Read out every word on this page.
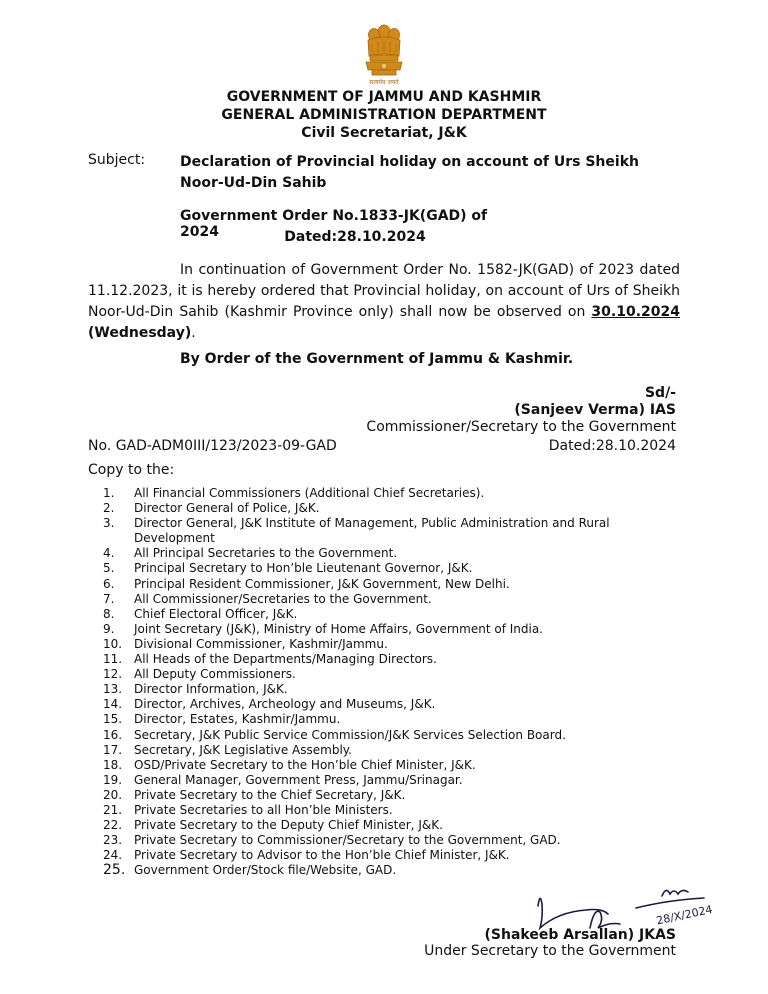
सत्यमेव जयते
GOVERNMENT OF JAMMU AND KASHMIR
GENERAL ADMINISTRATION DEPARTMENT
Civil Secretariat, J&K
Subject: Declaration of Provincial holiday on account of Urs Sheikh Noor-Ud-Din Sahib
Government Order No.1833-JK(GAD) of 2024	Dated:28.10.2024
In continuation of Government Order No. 1582-JK(GAD) of 2023 dated 11.12.2023, it is hereby ordered that Provincial holiday, on account of Urs of Sheikh Noor-Ud-Din Sahib (Kashmir Province only) shall now be observed on 30.10.2024 (Wednesday).
By Order of the Government of Jammu & Kashmir.
Sd/-
(Sanjeev Verma) IAS
Commissioner/Secretary to the Government
No. GAD-ADM0III/123/2023-09-GAD	Dated:28.10.2024
Copy to the:
1. All Financial Commissioners (Additional Chief Secretaries).
2. Director General of Police, J&K.
3. Director General, J&K Institute of Management, Public Administration and Rural Development
4. All Principal Secretaries to the Government.
5. Principal Secretary to Hon’ble Lieutenant Governor, J&K.
6. Principal Resident Commissioner, J&K Government, New Delhi.
7. All Commissioner/Secretaries to the Government.
8. Chief Electoral Officer, J&K.
9. Joint Secretary (J&K), Ministry of Home Affairs, Government of India.
10. Divisional Commissioner, Kashmir/Jammu.
11. All Heads of the Departments/Managing Directors.
12. All Deputy Commissioners.
13. Director Information, J&K.
14. Director, Archives, Archeology and Museums, J&K.
15. Director, Estates, Kashmir/Jammu.
16. Secretary, J&K Public Service Commission/J&K Services Selection Board.
17. Secretary, J&K Legislative Assembly.
18. OSD/Private Secretary to the Hon’ble Chief Minister, J&K.
19. General Manager, Government Press, Jammu/Srinagar.
20. Private Secretary to the Chief Secretary, J&K.
21. Private Secretaries to all Hon’ble Ministers.
22. Private Secretary to the Deputy Chief Minister, J&K.
23. Private Secretary to Commissioner/Secretary to the Government, GAD.
24. Private Secretary to Advisor to the Hon’ble Chief Minister, J&K.
25. Government Order/Stock file/Website, GAD.
28/X/2024
(Shakeeb Arsallan) JKAS
Under Secretary to the Government
